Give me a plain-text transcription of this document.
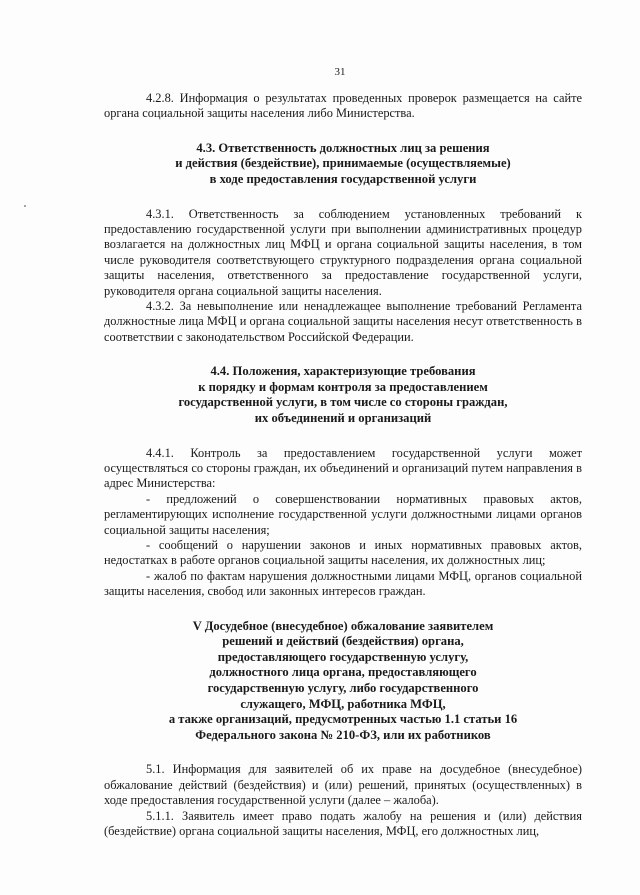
31

4.2.8. Информация о результатах проведенных проверок размещается на сайте органа социальной защиты населения либо Министерства.

4.3. Ответственность должностных лиц за решения

и действия (бездействие), принимаемые (осуществляемые)

в ходе предоставления государственной услуги

4.3.1. Ответственность за соблюдением установленных требований к предоставлению государственной услуги при выполнении административных процедур возлагается на должностных лиц МФЦ и органа социальной защиты населения, в том числе руководителя соответствующего структурного подразделения органа социальной защиты населения, ответственного за предоставление государственной услуги, руководителя органа социальной защиты населения.

4.3.2. За невыполнение или ненадлежащее выполнение требований Регламента должностные лица МФЦ и органа социальной защиты населения несут ответственность в соответствии с законодательством Российской Федерации.

4.4. Положения, характеризующие требования

к порядку и формам контроля за предоставлением

государственной услуги, в том числе со стороны граждан,

их объединений и организаций

4.4.1. Контроль за предоставлением государственной услуги может осуществляться со стороны граждан, их объединений и организаций путем направления в адрес Министерства:

- предложений о совершенствовании нормативных правовых актов, регламентирующих исполнение государственной услуги должностными лицами органов социальной защиты населения;

- сообщений о нарушении законов и иных нормативных правовых актов, недостатках в работе органов социальной защиты населения, их должностных лиц;

- жалоб по фактам нарушения должностными лицами МФЦ, органов социальной защиты населения, свобод или законных интересов граждан.

V Досудебное (внесудебное) обжалование заявителем

решений и действий (бездействия) органа,

предоставляющего государственную услугу,

должностного лица органа, предоставляющего

государственную услугу, либо государственного

служащего, МФЦ, работника МФЦ,

а также организаций, предусмотренных частью 1.1 статьи 16

Федерального закона № 210-ФЗ, или их работников

5.1. Информация для заявителей об их праве на досудебное (внесудебное) обжалование действий (бездействия) и (или) решений, принятых (осуществленных) в ходе предоставления государственной услуги (далее – жалоба).

5.1.1. Заявитель имеет право подать жалобу на решения и (или) действия (бездействие) органа социальной защиты населения, МФЦ, его должностных лиц,
